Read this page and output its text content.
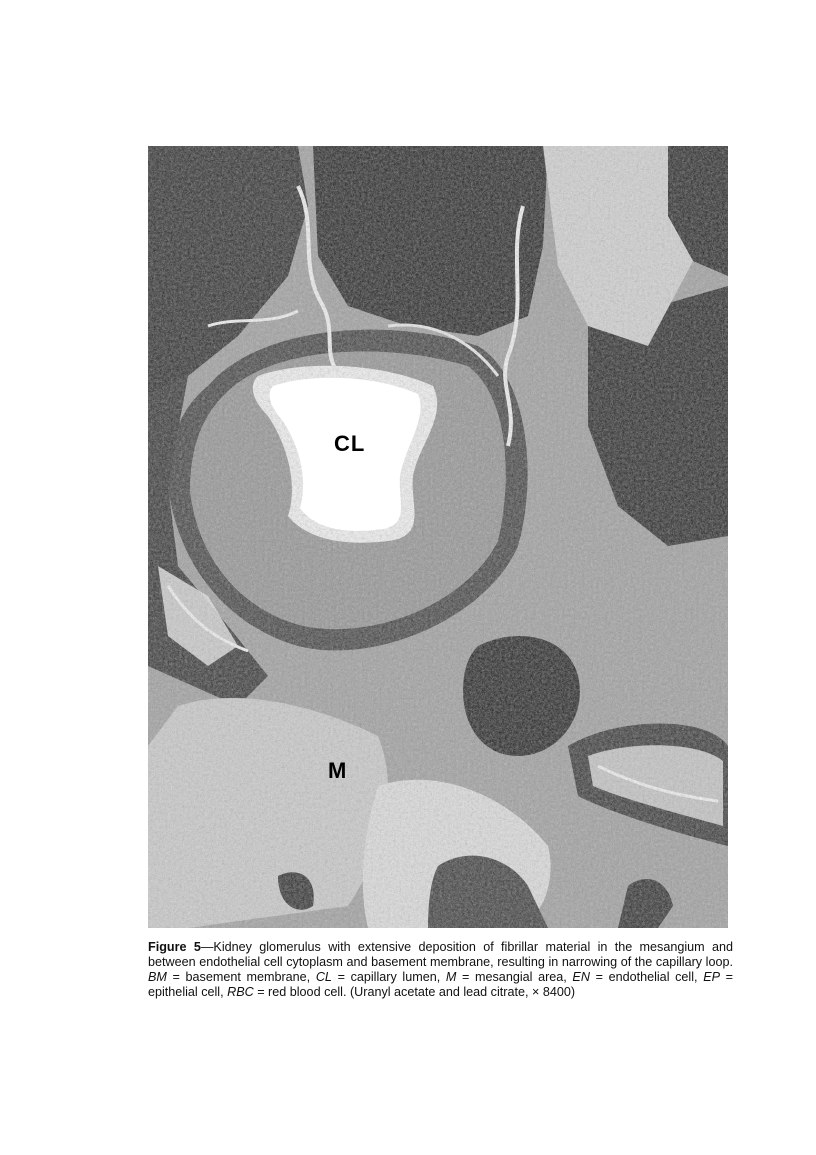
CL
M
Figure 5—Kidney glomerulus with extensive deposition of fibrillar material in the mesangium and between endothelial cell cytoplasm and basement membrane, resulting in narrowing of the capillary loop. BM = basement membrane, CL = capillary lumen, M = mesangial area, EN = endothelial cell, EP = epithelial cell, RBC = red blood cell. (Uranyl acetate and lead citrate, × 8400)
